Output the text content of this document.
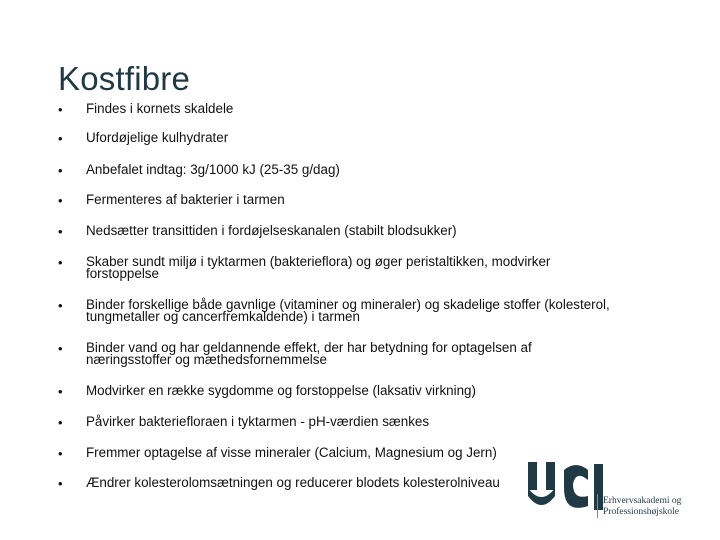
Kostfibre
• Findes i kornets skaldele
• Ufordøjelige kulhydrater
• Anbefalet indtag: 3g/1000 kJ (25-35 g/dag)
• Fermenteres af bakterier i tarmen
• Nedsætter transittiden i fordøjelseskanalen (stabilt blodsukker)
• Skaber sundt miljø i tyktarmen (bakterieflora) og øger peristaltikken, modvirker forstoppelse
• Binder forskellige både gavnlige (vitaminer og mineraler) og skadelige stoffer (kolesterol, tungmetaller og cancerfremkaldende) i tarmen
• Binder vand og har geldannende effekt, der har betydning for optagelsen af næringsstoffer og mæthedsfornemmelse
• Modvirker en række sygdomme og forstoppelse (laksativ virkning)
• Påvirker bakteriefloraen i tyktarmen - pH-værdien sænkes
• Fremmer optagelse af visse mineraler (Calcium, Magnesium og Jern)
• Ændrer kolesterolomsætningen og reducerer blodets kolesterolniveau
Erhvervsakademi og
Professionshøjskole
